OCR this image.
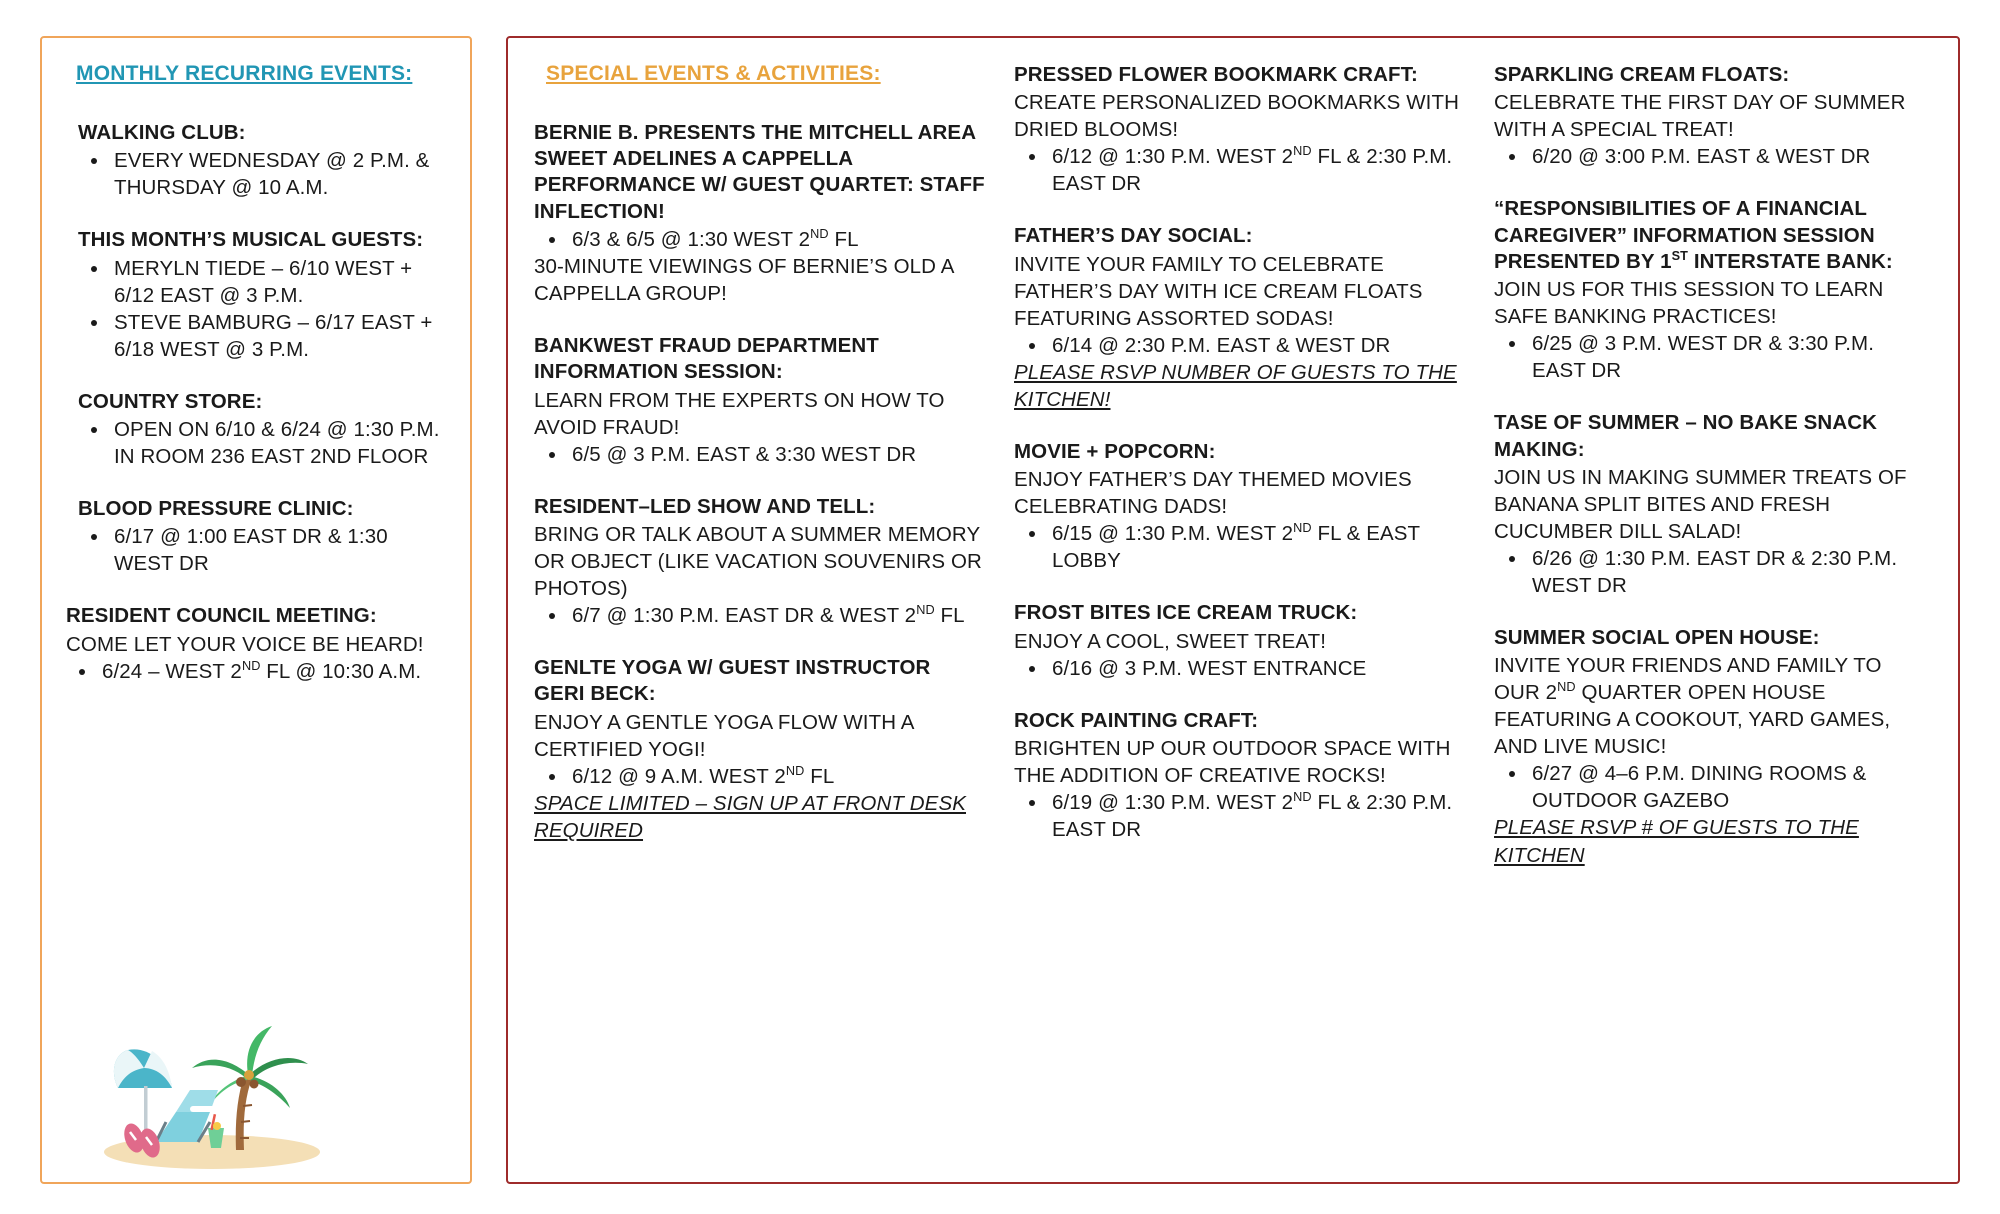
MONTHLY RECURRING EVENTS:
WALKING CLUB:
• EVERY WEDNESDAY @ 2 P.M. & THURSDAY @ 10 A.M.
THIS MONTH’S MUSICAL GUESTS:
• MERYLN TIEDE – 6/10 WEST + 6/12 EAST @ 3 P.M.
• STEVE BAMBURG – 6/17 EAST + 6/18 WEST @ 3 P.M.
COUNTRY STORE:
• OPEN ON 6/10 & 6/24 @ 1:30 P.M. IN ROOM 236 EAST 2ND FLOOR
BLOOD PRESSURE CLINIC:
• 6/17 @ 1:00 EAST DR & 1:30 WEST DR
RESIDENT COUNCIL MEETING:
COME LET YOUR VOICE BE HEARD!
• 6/24 – WEST 2ND FL @ 10:30 A.M.
SPECIAL EVENTS & ACTIVITIES:
BERNIE B. PRESENTS THE MITCHELL AREA SWEET ADELINES A CAPPELLA PERFORMANCE W/ GUEST QUARTET: STAFF INFLECTION!
• 6/3 & 6/5 @ 1:30 WEST 2ND FL
30-MINUTE VIEWINGS OF BERNIE’S OLD A CAPPELLA GROUP!
BANKWEST FRAUD DEPARTMENT INFORMATION SESSION:
LEARN FROM THE EXPERTS ON HOW TO AVOID FRAUD!
• 6/5 @ 3 P.M. EAST & 3:30 WEST DR
RESIDENT–LED SHOW AND TELL:
BRING OR TALK ABOUT A SUMMER MEMORY OR OBJECT (LIKE VACATION SOUVENIRS OR PHOTOS)
• 6/7 @ 1:30 P.M. EAST DR & WEST 2ND FL
GENLTE YOGA W/ GUEST INSTRUCTOR GERI BECK:
ENJOY A GENTLE YOGA FLOW WITH A CERTIFIED YOGI!
• 6/12 @ 9 A.M. WEST 2ND FL
SPACE LIMITED – SIGN UP AT FRONT DESK REQUIRED
PRESSED FLOWER BOOKMARK CRAFT:
CREATE PERSONALIZED BOOKMARKS WITH DRIED BLOOMS!
• 6/12 @ 1:30 P.M. WEST 2ND FL & 2:30 P.M. EAST DR
FATHER’S DAY SOCIAL:
INVITE YOUR FAMILY TO CELEBRATE FATHER’S DAY WITH ICE CREAM FLOATS FEATURING ASSORTED SODAS!
• 6/14 @ 2:30 P.M. EAST & WEST DR
PLEASE RSVP NUMBER OF GUESTS TO THE KITCHEN!
MOVIE + POPCORN:
ENJOY FATHER’S DAY THEMED MOVIES CELEBRATING DADS!
• 6/15 @ 1:30 P.M. WEST 2ND FL & EAST LOBBY
FROST BITES ICE CREAM TRUCK:
ENJOY A COOL, SWEET TREAT!
• 6/16 @ 3 P.M. WEST ENTRANCE
ROCK PAINTING CRAFT:
BRIGHTEN UP OUR OUTDOOR SPACE WITH THE ADDITION OF CREATIVE ROCKS!
• 6/19 @ 1:30 P.M. WEST 2ND FL & 2:30 P.M. EAST DR
SPARKLING CREAM FLOATS:
CELEBRATE THE FIRST DAY OF SUMMER WITH A SPECIAL TREAT!
• 6/20 @ 3:00 P.M. EAST & WEST DR
“RESPONSIBILITIES OF A FINANCIAL CAREGIVER” INFORMATION SESSION PRESENTED BY 1ST INTERSTATE BANK:
JOIN US FOR THIS SESSION TO LEARN SAFE BANKING PRACTICES!
• 6/25 @ 3 P.M. WEST DR & 3:30 P.M. EAST DR
TASE OF SUMMER – NO BAKE SNACK MAKING:
JOIN US IN MAKING SUMMER TREATS OF BANANA SPLIT BITES AND FRESH CUCUMBER DILL SALAD!
• 6/26 @ 1:30 P.M. EAST DR & 2:30 P.M. WEST DR
SUMMER SOCIAL OPEN HOUSE:
INVITE YOUR FRIENDS AND FAMILY TO OUR 2ND QUARTER OPEN HOUSE FEATURING A COOKOUT, YARD GAMES, AND LIVE MUSIC!
• 6/27 @ 4–6 P.M. DINING ROOMS & OUTDOOR GAZEBO
PLEASE RSVP # OF GUESTS TO THE KITCHEN
